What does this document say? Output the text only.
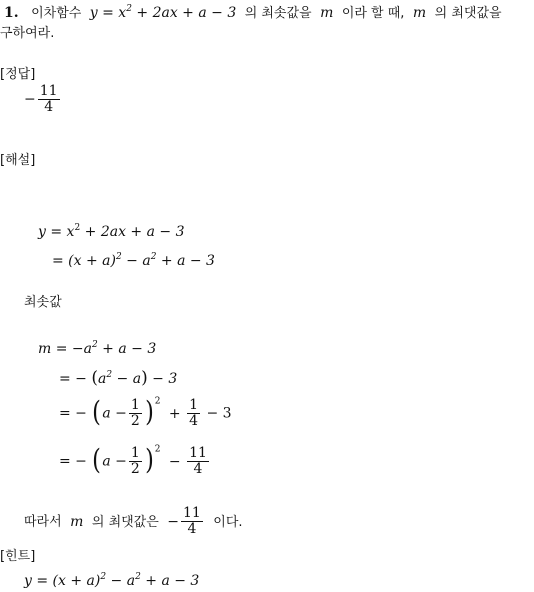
1. 이차함수 $y = x^2 + 2ax + a - 3$ 의 최솟값을 m 이라 할 때, m 의 최댓값을
구하여라.
[정답]
− $\frac{11}{4}$
[해설]
$y = x^2 + 2ax + a - 3$
= $(x + a)^2 - a^2 + a - 3$
최솟값
$m = -a^2 + a - 3$
= − $(a^2 - a) - 3$
= − $(a - \frac{1}{2} )^2 + \frac{1}{4} - 3$
= − $(a - \frac{1}{2} )^2 - \frac{11}{4}$
따라서 m 의 최댓값은 − $\frac{11}{4}$ 이다.
[힌트]
$y = (x + a)^2 - a^2 + a - 3$
